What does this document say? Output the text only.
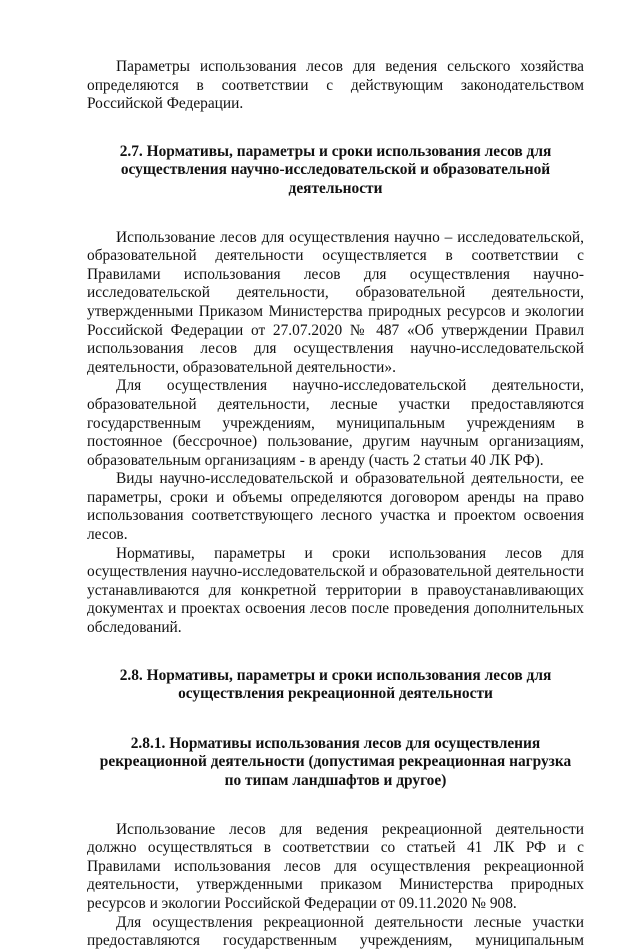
Параметры использования лесов для ведения сельского хозяйства определяются в соответствии с действующим законодательством Российской Федерации.

2.7. Нормативы, параметры и сроки использования лесов для осуществления научно-исследовательской и образовательной деятельности

Использование лесов для осуществления научно – исследовательской, образовательной деятельности осуществляется в соответствии с Правилами использования лесов для осуществления научно-исследовательской деятельности, образовательной деятельности, утвержденными Приказом Министерства природных ресурсов и экологии Российской Федерации от 27.07.2020 № 487 «Об утверждении Правил использования лесов для осуществления научно-исследовательской деятельности, образовательной деятельности».

Для осуществления научно-исследовательской деятельности, образовательной деятельности, лесные участки предоставляются государственным учреждениям, муниципальным учреждениям в постоянное (бессрочное) пользование, другим научным организациям, образовательным организациям - в аренду (часть 2 статьи 40 ЛК РФ).

Виды научно-исследовательской и образовательной деятельности, ее параметры, сроки и объемы определяются договором аренды на право использования соответствующего лесного участка и проектом освоения лесов.

Нормативы, параметры и сроки использования лесов для осуществления научно-исследовательской и образовательной деятельности устанавливаются для конкретной территории в правоустанавливающих документах и проектах освоения лесов после проведения дополнительных обследований.

2.8. Нормативы, параметры и сроки использования лесов для осуществления рекреационной деятельности
2.8.1. Нормативы использования лесов для осуществления рекреационной деятельности (допустимая рекреационная нагрузка по типам ландшафтов и другое)

Использование лесов для ведения рекреационной деятельности должно осуществляться в соответствии со статьей 41 ЛК РФ и с Правилами использования лесов для осуществления рекреационной деятельности, утвержденными приказом Министерства природных ресурсов и экологии Российской Федерации от 09.11.2020 № 908.

Для осуществления рекреационной деятельности лесные участки предоставляются государственным учреждениям, муниципальным
